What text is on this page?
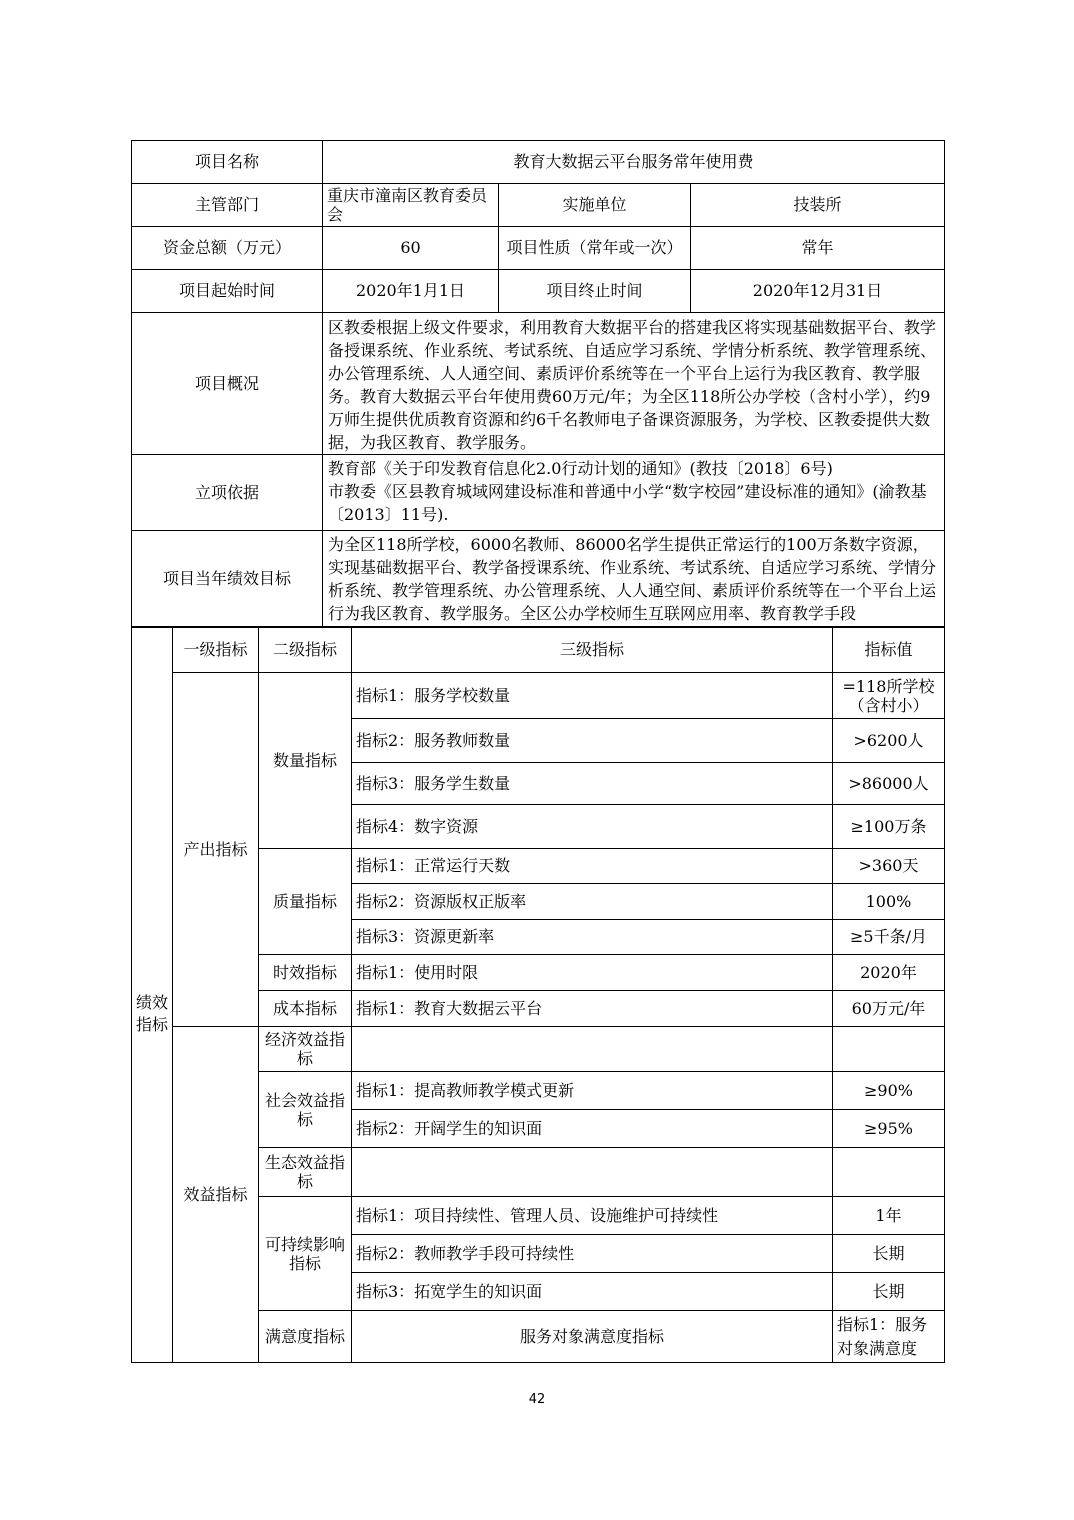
项目名称	教育大数据云平台服务常年使用费		
主管部门	重庆市潼南区教育委员会	实施单位	技装所
资金总额（万元）	60	项目性质（常年或一次）	常年
项目起始时间	2020年1月1日	项目终止时间	2020年12月31日
项目概况	区教委根据上级文件要求，利用教育大数据平台的搭建我区将实现基础数据平台、教学备授课系统、作业系统、考试系统、自适应学习系统、学情分析系统、教学管理系统、办公管理系统、人人通空间、素质评价系统等在一个平台上运行为我区教育、教学服务。教育大数据云平台年使用费60万元/年；为全区118所公办学校（含村小学），约9万师生提供优质教育资源和约6千名教师电子备课资源服务，为学校、区教委提供大数据，为我区教育、教学服务。		
立项依据	教育部《关于印发教育信息化2.0行动计划的通知》(教技〔2018〕6号)
市教委《区县教育城域网建设标准和普通中小学“数字校园”建设标准的通知》(渝教基〔2013〕11号).		

项目当年绩效目标	为全区118所学校，6000名教师、86000名学生提供正常运行的100万条数字资源，实现基础数据平台、教学备授课系统、作业系统、考试系统、自适应学习系统、学情分析系统、教学管理系统、办公管理系统、人人通空间、素质评价系统等在一个平台上运行为我区教育、教学服务。全区公办学校师生互联网应用率、教育教学手段		
绩效指标	一级指标	二级指标	三级指标	指标值	
	产出指标	数量指标	指标1：服务学校数量	=118所学校（含村小）	
			指标2：服务教师数量	>6200人	
			指标3：服务学生数量	>86000人	
			指标4：数字资源	≥100万条	
		质量指标	指标1：正常运行天数	>360天	
			指标2：资源版权正版率	100%	
			指标3：资源更新率	≥5千条/月	
		时效指标	指标1：使用时限	2020年	
		成本指标	指标1：教育大数据云平台	60万元/年	
	效益指标	经济效益指标			
		社会效益指标	指标1：提高教师教学模式更新	≥90%	
			指标2：开阔学生的知识面	≥95%	
		生态效益指标			
		可持续影响指标	指标1：项目持续性、管理人员、设施维护可持续性	1年	
			指标2：教师教学手段可持续性	长期	
			指标3：拓宽学生的知识面	长期	
		满意度指标	服务对象满意度指标	指标1：服务对象满意度	
42
